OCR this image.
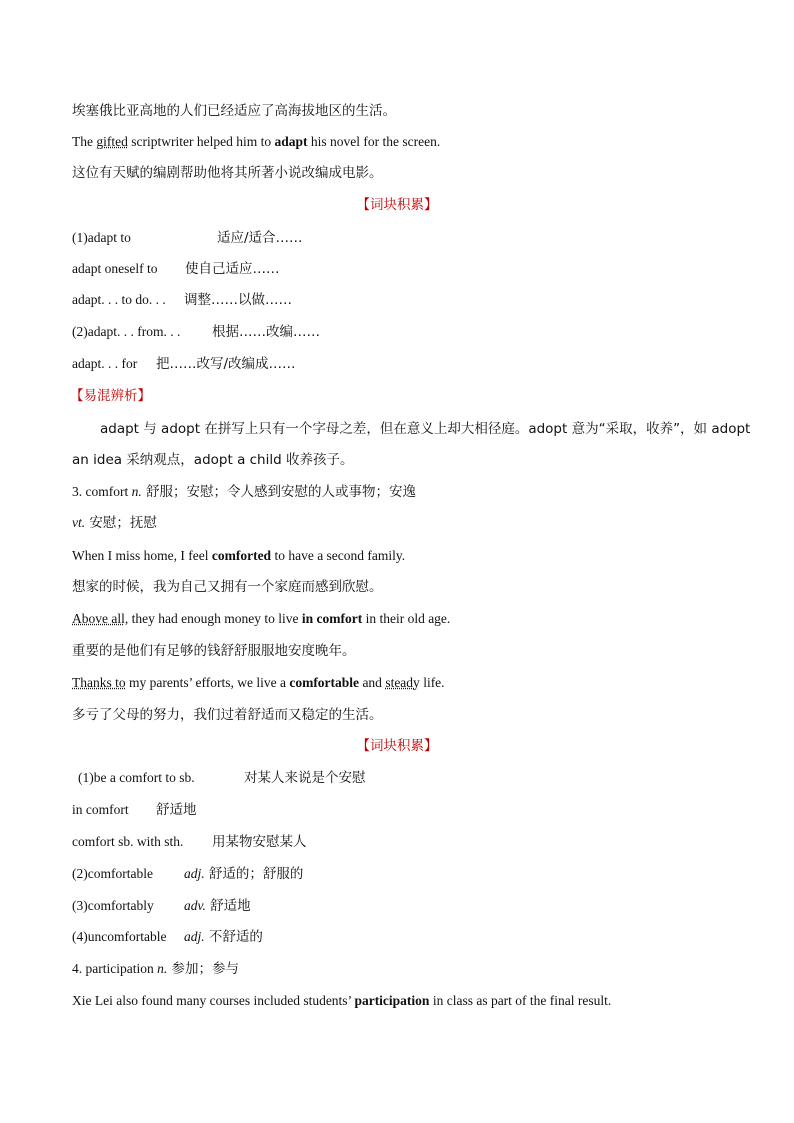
埃塞俄比亚高地的人们已经适应了高海拔地区的生活。
The gifted scriptwriter helped him to adapt his novel for the screen.
这位有天赋的编剧帮助他将其所著小说改编成电影。
【词块积累】
(1)adapt to	适应/适合……
adapt oneself to 使自己适应……
adapt. . . to do. . . 调整……以做……
(2)adapt. . . from. . . 根据……改编……
adapt. . . for 把……改写/改编成……
【易混辨析】
adapt 与 adopt 在拼写上只有一个字母之差，但在意义上却大相径庭。adopt 意为“采取，收养”，如 adopt
an idea 采纳观点，adopt a child 收养孩子。
3. comfort n. 舒服；安慰；令人感到安慰的人或事物；安逸
vt. 安慰；抚慰
When I miss home, I feel comforted to have a second family.
想家的时候，我为自己又拥有一个家庭而感到欣慰。
Above all, they had enough money to live in comfort in their old age.
重要的是他们有足够的钱舒舒服服地安度晚年。
Thanks to my parents’ efforts, we live a comfortable and steady life.
多亏了父母的努力，我们过着舒适而又稳定的生活。
【词块积累】
(1)be a comfort to sb.	对某人来说是个安慰
in comfort 舒适地
comfort sb. with sth. 用某物安慰某人
(2)comfortable adj. 舒适的；舒服的
(3)comfortably adv. 舒适地
(4)uncomfortable adj. 不舒适的
4. participation n. 参加；参与
Xie Lei also found many courses included students’ participation in class as part of the final result.
